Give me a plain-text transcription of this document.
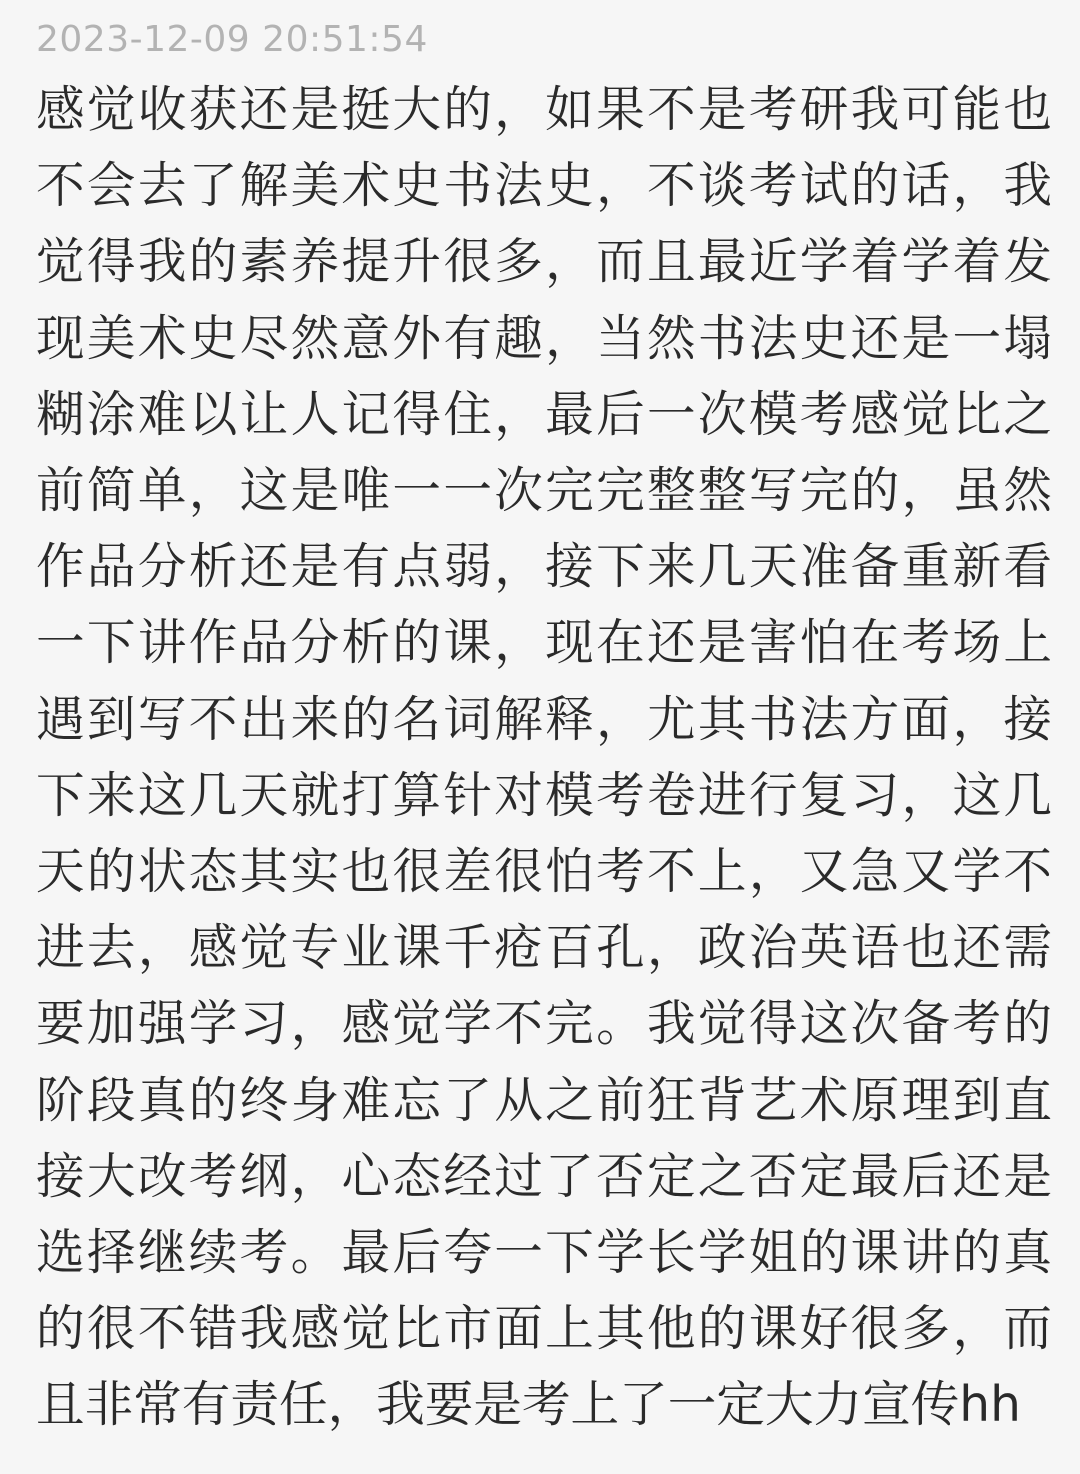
2023-12-09 20:51:54
感觉收获还是挺大的，如果不是考研我可能也不会去了解美术史书法史，不谈考试的话，我觉得我的素养提升很多，而且最近学着学着发现美术史尽然意外有趣，当然书法史还是一塌糊涂难以让人记得住，最后一次模考感觉比之前简单，这是唯一一次完完整整写完的，虽然作品分析还是有点弱，接下来几天准备重新看一下讲作品分析的课，现在还是害怕在考场上遇到写不出来的名词解释，尤其书法方面，接下来这几天就打算针对模考卷进行复习，这几天的状态其实也很差很怕考不上，又急又学不进去，感觉专业课千疮百孔，政治英语也还需要加强学习，感觉学不完。我觉得这次备考的阶段真的终身难忘了从之前狂背艺术原理到直接大改考纲，心态经过了否定之否定最后还是选择继续考。最后夸一下学长学姐的课讲的真的很不错我感觉比市面上其他的课好很多，而且非常有责任，我要是考上了一定大力宣传hh
